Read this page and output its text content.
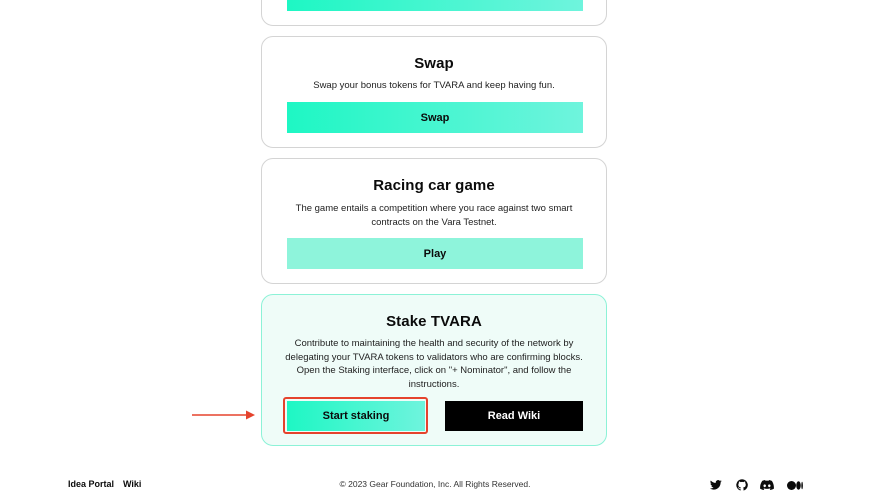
Swap
Swap your bonus tokens for TVARA and keep having fun.
Swap
Racing car game
The game entails a competition where you race against two smart contracts on the Vara Testnet.
Play
Stake TVARA
Contribute to maintaining the health and security of the network by delegating your TVARA tokens to validators who are confirming blocks. Open the Staking interface, click on "+ Nominator", and follow the instructions.
Start staking	Read Wiki
Idea Portal Wiki	© 2023 Gear Foundation, Inc. All Rights Reserved.
